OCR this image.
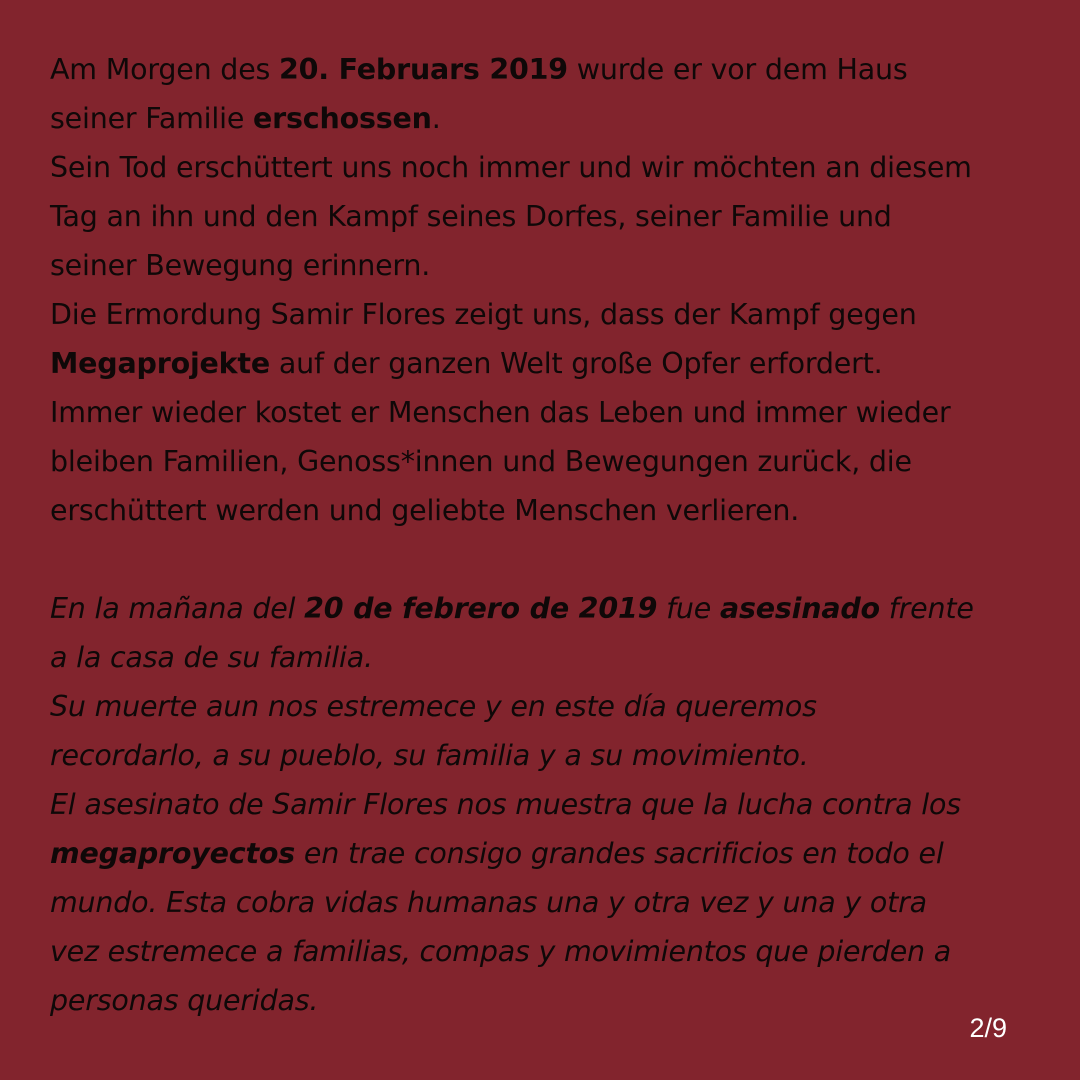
Am Morgen des 20. Februars 2019 wurde er vor dem Haus
seiner Familie erschossen.
Sein Tod erschüttert uns noch immer und wir möchten an diesem
Tag an ihn und den Kampf seines Dorfes, seiner Familie und
seiner Bewegung erinnern.
Die Ermordung Samir Flores zeigt uns, dass der Kampf gegen
Megaprojekte auf der ganzen Welt große Opfer erfordert.
Immer wieder kostet er Menschen das Leben und immer wieder
bleiben Familien, Genoss*innen und Bewegungen zurück, die
erschüttert werden und geliebte Menschen verlieren.
En la mañana del 20 de febrero de 2019 fue asesinado frente
a la casa de su familia.
Su muerte aun nos estremece y en este día queremos
recordarlo, a su pueblo, su familia y a su movimiento.
El asesinato de Samir Flores nos muestra que la lucha contra los
megaproyectos en trae consigo grandes sacrificios en todo el
mundo. Esta cobra vidas humanas una y otra vez y una y otra
vez estremece a familias, compas y movimientos que pierden a
personas queridas.
2/9
